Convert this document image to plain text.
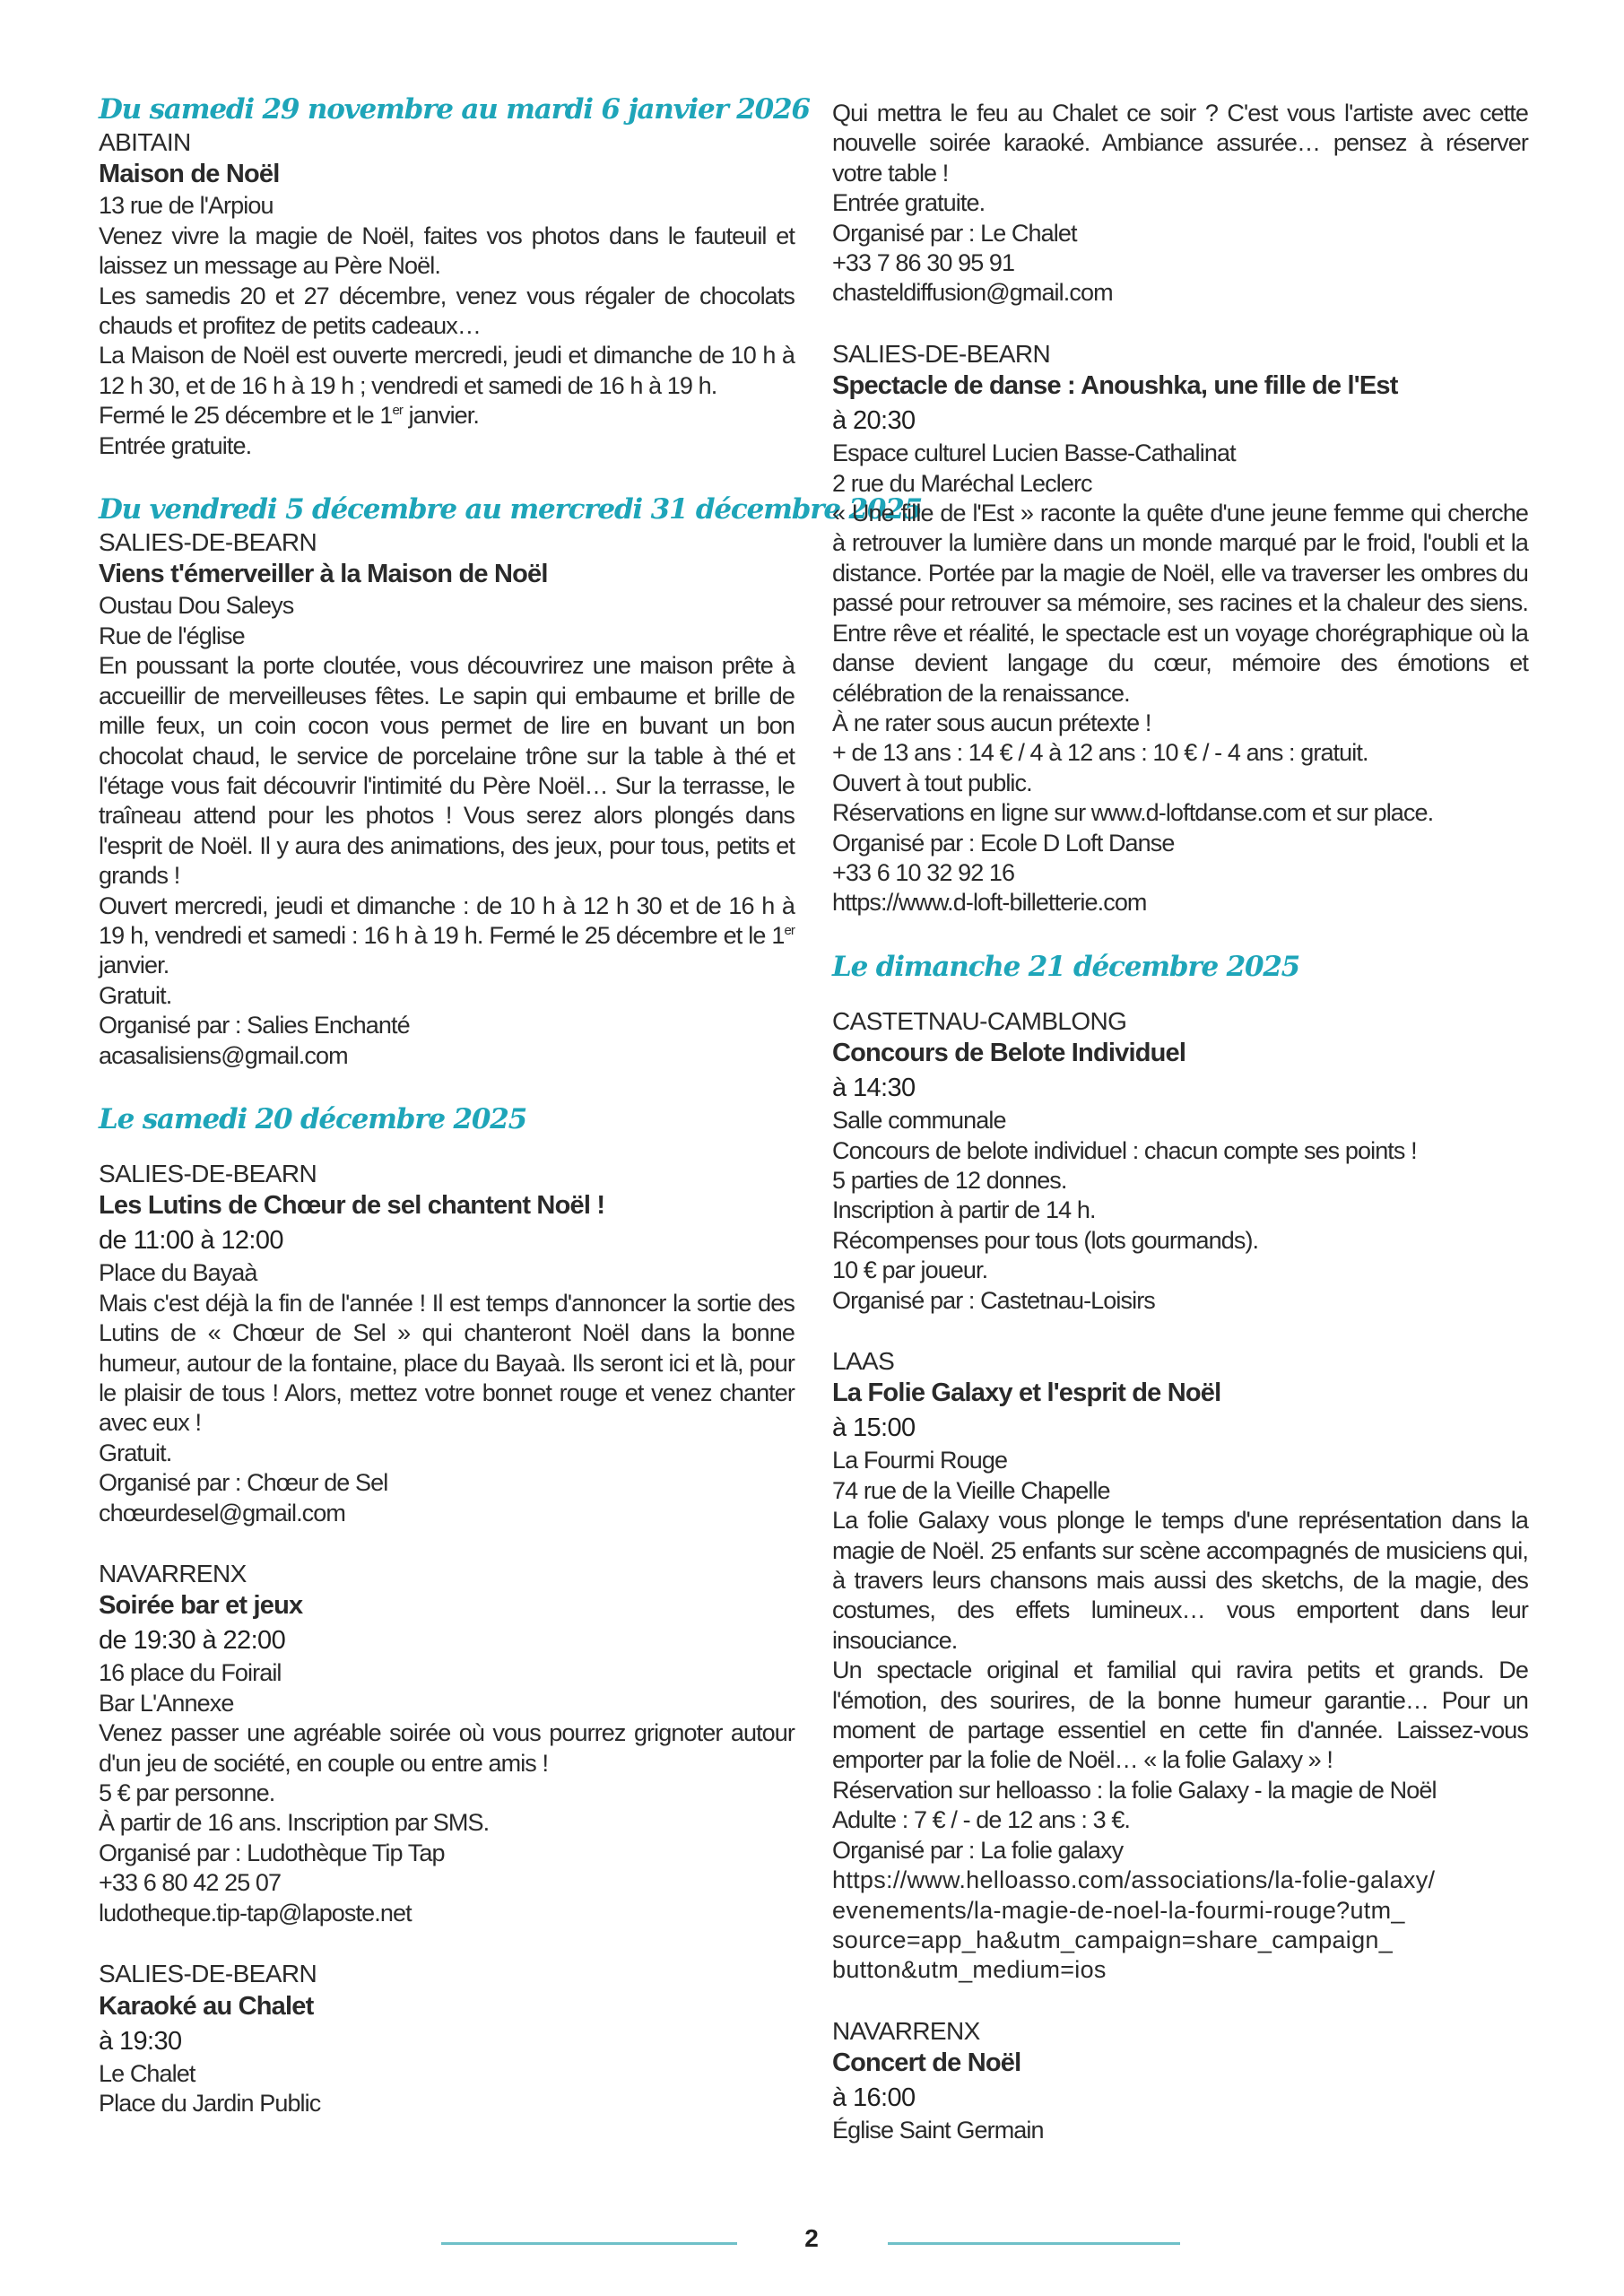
Du samedi 29 novembre au mardi 6 janvier 2026
ABITAIN
Maison de Noël
13 rue de l'Arpiou
Venez vivre la magie de Noël, faites vos photos dans le fauteuil et laissez un message au Père Noël.
Les samedis 20 et 27 décembre, venez vous régaler de chocolats chauds et profitez de petits cadeaux…
La Maison de Noël est ouverte mercredi, jeudi et dimanche de 10 h à 12 h 30, et de 16 h à 19 h ; vendredi et samedi de 16 h à 19 h.
Fermé le 25 décembre et le 1er janvier.
Entrée gratuite.
Du vendredi 5 décembre au mercredi 31 décembre 2025
SALIES-DE-BEARN
Viens t'émerveiller à la Maison de Noël
Oustau Dou Saleys
Rue de l'église
En poussant la porte cloutée, vous découvrirez une maison prête à accueillir de merveilleuses fêtes. Le sapin qui embaume et brille de mille feux, un coin cocon vous permet de lire en buvant un bon chocolat chaud, le service de porcelaine trône sur la table à thé et l'étage vous fait découvrir l'intimité du Père Noël… Sur la terrasse, le traîneau attend pour les photos ! Vous serez alors plongés dans l'esprit de Noël. Il y aura des animations, des jeux, pour tous, petits et grands !
Ouvert mercredi, jeudi et dimanche : de 10 h à 12 h 30 et de 16 h à 19 h, vendredi et samedi : 16 h à 19 h. Fermé le 25 décembre et le 1er janvier.
Gratuit.
Organisé par : Salies Enchanté
acasalisiens@gmail.com
Le samedi 20 décembre 2025
SALIES-DE-BEARN
Les Lutins de Chœur de sel chantent Noël !
de 11:00 à 12:00
Place du Bayaà
Mais c'est déjà la fin de l'année ! Il est temps d'annoncer la sortie des Lutins de « Chœur de Sel » qui chanteront Noël dans la bonne humeur, autour de la fontaine, place du Bayaà. Ils seront ici et là, pour le plaisir de tous ! Alors, mettez votre bonnet rouge et venez chanter avec eux !
Gratuit.
Organisé par : Chœur de Sel
chœurdesel@gmail.com
NAVARRENX
Soirée bar et jeux
de 19:30 à 22:00
16 place du Foirail
Bar L'Annexe
Venez passer une agréable soirée où vous pourrez grignoter autour d'un jeu de société, en couple ou entre amis !
5 € par personne.
À partir de 16 ans. Inscription par SMS.
Organisé par : Ludothèque Tip Tap
+33 6 80 42 25 07
ludotheque.tip-tap@laposte.net
SALIES-DE-BEARN
Karaoké au Chalet
à 19:30
Le Chalet
Place du Jardin Public
Qui mettra le feu au Chalet ce soir ? C'est vous l'artiste avec cette nouvelle soirée karaoké. Ambiance assurée… pensez à réserver votre table !
Entrée gratuite.
Organisé par : Le Chalet
+33 7 86 30 95 91
chasteldiffusion@gmail.com
SALIES-DE-BEARN
Spectacle de danse : Anoushka, une fille de l'Est
à 20:30
Espace culturel Lucien Basse-Cathalinat
2 rue du Maréchal Leclerc
« Une fille de l'Est » raconte la quête d'une jeune femme qui cherche à retrouver la lumière dans un monde marqué par le froid, l'oubli et la distance. Portée par la magie de Noël, elle va traverser les ombres du passé pour retrouver sa mémoire, ses racines et la chaleur des siens. Entre rêve et réalité, le spectacle est un voyage chorégraphique où la danse devient langage du cœur, mémoire des émotions et célébration de la renaissance.
À ne rater sous aucun prétexte !
+ de 13 ans : 14 € / 4 à 12 ans : 10 € / - 4 ans : gratuit.
Ouvert à tout public.
Réservations en ligne sur www.d-loftdanse.com et sur place.
Organisé par : Ecole D Loft Danse
+33 6 10 32 92 16
https://www.d-loft-billetterie.com
Le dimanche 21 décembre 2025
CASTETNAU-CAMBLONG
Concours de Belote Individuel
à 14:30
Salle communale
Concours de belote individuel : chacun compte ses points !
5 parties de 12 donnes.
Inscription à partir de 14 h.
Récompenses pour tous (lots gourmands).
10 € par joueur.
Organisé par : Castetnau-Loisirs
LAAS
La Folie Galaxy et l'esprit de Noël
à 15:00
La Fourmi Rouge
74 rue de la Vieille Chapelle
La folie Galaxy vous plonge le temps d'une représentation dans la magie de Noël. 25 enfants sur scène accompagnés de musiciens qui, à travers leurs chansons mais aussi des sketchs, de la magie, des costumes, des effets lumineux… vous emportent dans leur insouciance.
Un spectacle original et familial qui ravira petits et grands. De l'émotion, des sourires, de la bonne humeur garantie… Pour un moment de partage essentiel en cette fin d'année. Laissez-vous emporter par la folie de Noël… « la folie Galaxy » !
Réservation sur helloasso : la folie Galaxy - la magie de Noël
Adulte : 7 € / - de 12 ans : 3 €.
Organisé par : La folie galaxy
https://www.helloasso.com/associations/la-folie-galaxy/
evenements/la-magie-de-noel-la-fourmi-rouge?utm_
source=app_ha&utm_campaign=share_campaign_
button&utm_medium=ios
NAVARRENX
Concert de Noël
à 16:00
Église Saint Germain
2
